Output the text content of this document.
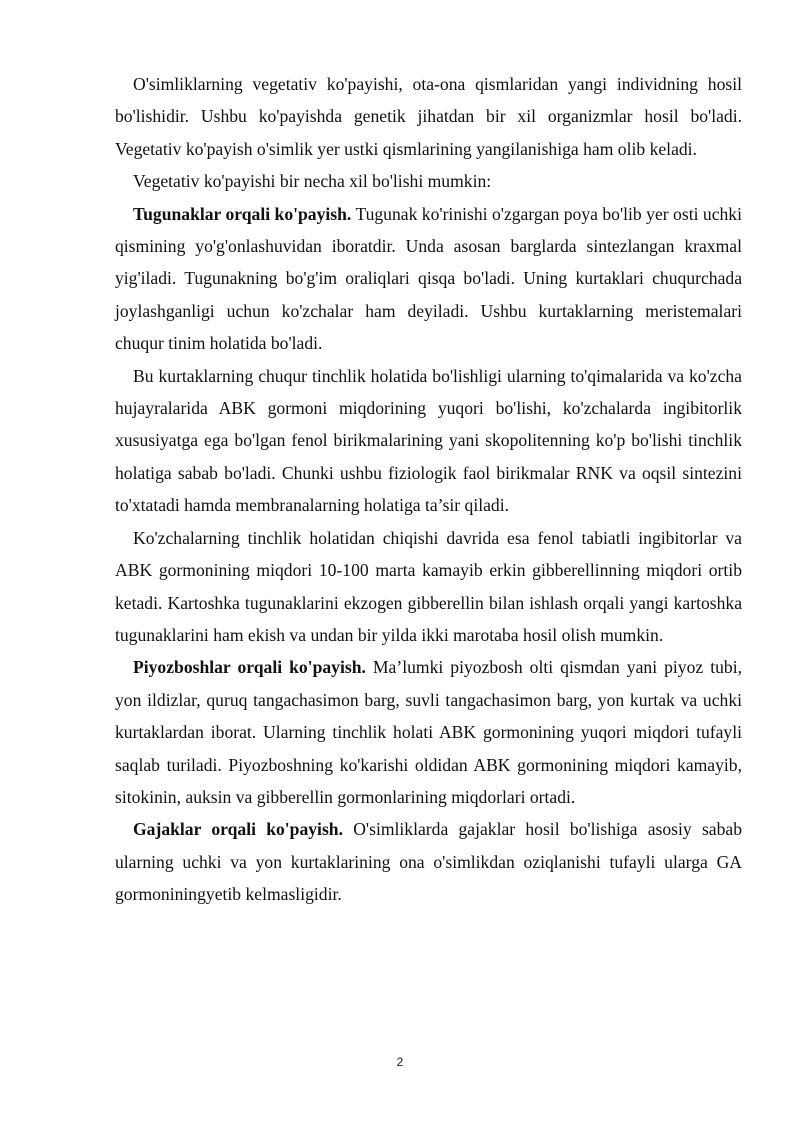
O'simliklarning vegetativ ko'payishi, ota-ona qismlaridan yangi individning hosil bo'lishidir. Ushbu ko'payishda genetik jihatdan bir xil organizmlar hosil bo'ladi. Vegetativ ko'payish o'simlik yer ustki qismlarining yangilanishiga ham olib keladi.

Vegetativ ko'payishi bir necha xil bo'lishi mumkin:

Tugunaklar orqali ko'payish. Tugunak ko'rinishi o'zgargan poya bo'lib yer osti uchki qismining yo'g'onlashuvidan iboratdir. Unda asosan barglarda sintezlangan kraxmal yig'iladi. Tugunakning bo'g'im oraliqlari qisqa bo'ladi. Uning kurtaklari chuqurchada joylashganligi uchun ko'zchalar ham deyiladi. Ushbu kurtaklarning meristemalari chuqur tinim holatida bo'ladi.

Bu kurtaklarning chuqur tinchlik holatida bo'lishligi ularning to'qimalarida va ko'zcha hujayralarida ABK gormoni miqdorining yuqori bo'lishi, ko'zchalarda ingibitorlik xususiyatga ega bo'lgan fenol birikmalarining yani skopolitenning ko'p bo'lishi tinchlik holatiga sabab bo'ladi. Chunki ushbu fiziologik faol birikmalar RNK va oqsil sintezini to'xtatadi hamda membranalarning holatiga ta’sir qiladi.

Ko'zchalarning tinchlik holatidan chiqishi davrida esa fenol tabiatli ingibitorlar va ABK gormonining miqdori 10-100 marta kamayib erkin gibberellinning miqdori ortib ketadi. Kartoshka tugunaklarini ekzogen gibberellin bilan ishlash orqali yangi kartoshka tugunaklarini ham ekish va undan bir yilda ikki marotaba hosil olish mumkin.

Piyozboshlar orqali ko'payish. Ma’lumki piyozbosh olti qismdan yani piyoz tubi, yon ildizlar, quruq tangachasimon barg, suvli tangachasimon barg, yon kurtak va uchki kurtaklardan iborat. Ularning tinchlik holati ABK gormonining yuqori miqdori tufayli saqlab turiladi. Piyozboshning ko'karishi oldidan ABK gormonining miqdori kamayib, sitokinin, auksin va gibberellin gormonlarining miqdorlari ortadi.

Gajaklar orqali ko'payish. O'simliklarda gajaklar hosil bo'lishiga asosiy sabab ularning uchki va yon kurtaklarining ona o'simlikdan oziqlanishi tufayli ularga GA gormoniningyetib kelmasligidir.

2
